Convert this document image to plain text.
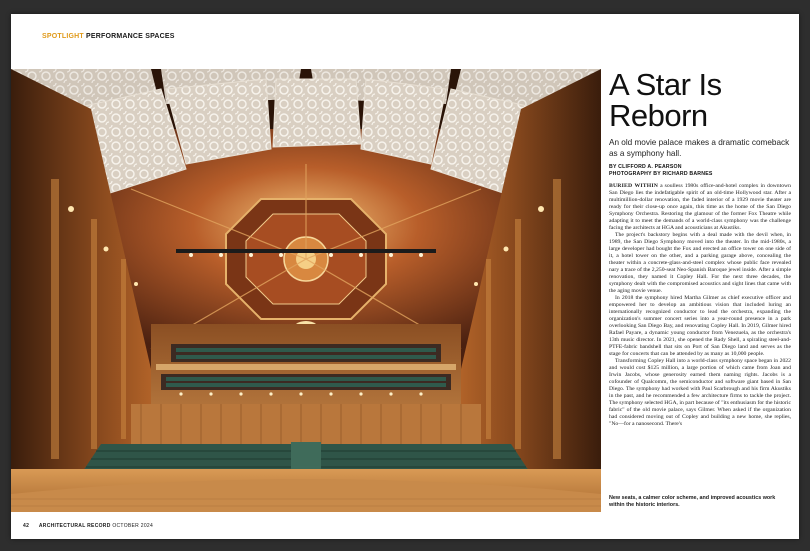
SPOTLIGHT PERFORMANCE SPACES
A Star Is Reborn
An old movie palace makes a dramatic comeback as a symphony hall.
BY CLIFFORD A. PEARSON
PHOTOGRAPHY BY RICHARD BARNES

BURIED WITHIN a soulless 1980s office-and-hotel complex in downtown San Diego lies the indefatigable spirit of an old-time Hollywood star. After a multimillion-dollar renovation, the faded interior of a 1929 movie theater are ready for their close-up once again, this time as the home of the San Diego Symphony Orchestra. Restoring the glamour of the former Fox Theatre while adapting it to meet the demands of a world-class symphony was the challenge facing the architects at HGA and acousticians at Akustiks.

The project's backstory begins with a deal made with the devil when, in 1989, the San Diego Symphony moved into the theater. In the mid-1980s, a large developer had bought the Fox and erected an office tower on one side of it, a hotel tower on the other, and a parking garage above, concealing the theater within a concrete-glass-and-steel complex whose public face revealed nary a trace of the 2,250-seat Neo-Spanish Baroque jewel inside. After a simple renovation, they named it Copley Hall. For the next three decades, the symphony dealt with the compromised acoustics and sight lines that came with the aging movie venue.

In 2018 the symphony hired Martha Gilmer as chief executive officer and empowered her to develop an ambitious vision that included luring an internationally recognized conductor to lead the orchestra, expanding the organization's summer concert series into a year-round presence in a park overlooking San Diego Bay, and renovating Copley Hall. In 2019, Gilmer hired Rafael Payare, a dynamic young conductor from Venezuela, as the orchestra's 13th music director. In 2021, she opened the Rady Shell, a spiraling steel-and-PTFE-fabric bandshell that sits on Port of San Diego land and serves as the stage for concerts that can be attended by as many as 10,000 people.

Transforming Copley Hall into a world-class symphony space began in 2022 and would cost $125 million, a large portion of which came from Joan and Irwin Jacobs, whose generosity earned them naming rights. Jacobs is a cofounder of Qualcomm, the semiconductor and software giant based in San Diego. The symphony had worked with Paul Scarbrough and his firm Akustiks in the past, and he recommended a few architecture firms to tackle the project. The symphony selected HGA, in part because of "its enthusiasm for the historic fabric" of the old movie palace, says Gilmer. When asked if the organization had considered moving out of Copley and building a new home, she replies, "No—for a nanosecond. There's

New seats, a calmer color scheme, and improved acoustics work within the historic interiors.
42 ARCHITECTURAL RECORD OCTOBER 2024
